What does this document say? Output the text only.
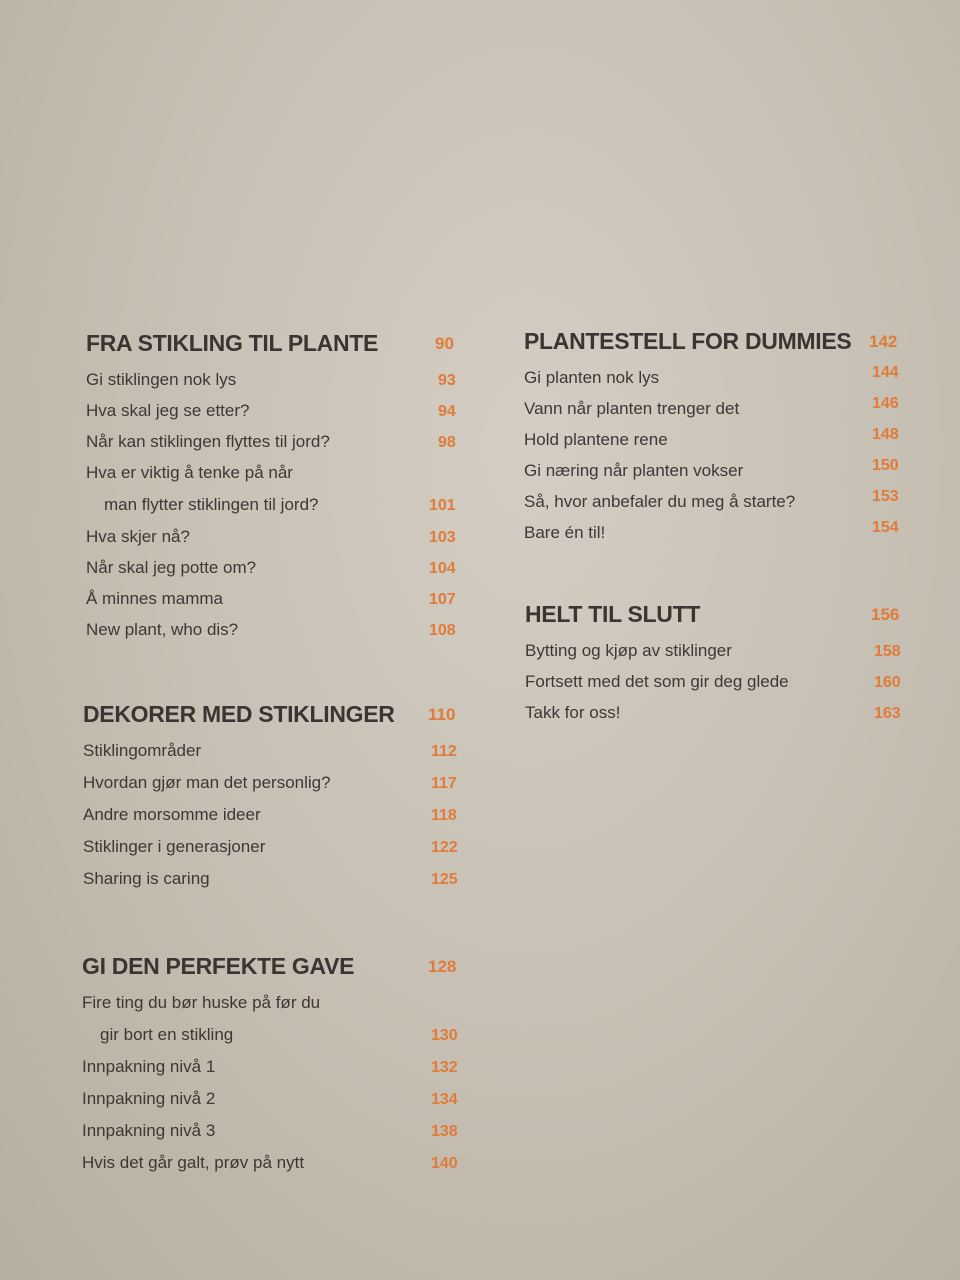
FRA STIKLING TIL PLANTE	90
Gi stiklingen nok lys	93
Hva skal jeg se etter?	94
Når kan stiklingen flyttes til jord?	98
Hva er viktig å tenke på når
man flytter stiklingen til jord?	101
Hva skjer nå?	103
Når skal jeg potte om?	104
Å minnes mamma	107
New plant, who dis?	108
DEKORER MED STIKLINGER 110
Stiklingområder	112
Hvordan gjør man det personlig?	117
Andre morsomme ideer	118
Stiklinger i generasjoner	122
Sharing is caring	125
GI DEN PERFEKTE GAVE	128
Fire ting du bør huske på før du
gir bort en stikling	130
Innpakning nivå 1	132
Innpakning nivå 2	134
Innpakning nivå 3	138
Hvis det går galt, prøv på nytt	140
PLANTESTELL FOR DUMMIES 142
Gi planten nok lys	144
Vann når planten trenger det	146
Hold plantene rene	148
Gi næring når planten vokser	150
Så, hvor anbefaler du meg å starte?	153
Bare én til!	154
HELT TIL SLUTT	156
Bytting og kjøp av stiklinger	158
Fortsett med det som gir deg glede	160
Takk for oss!	163
